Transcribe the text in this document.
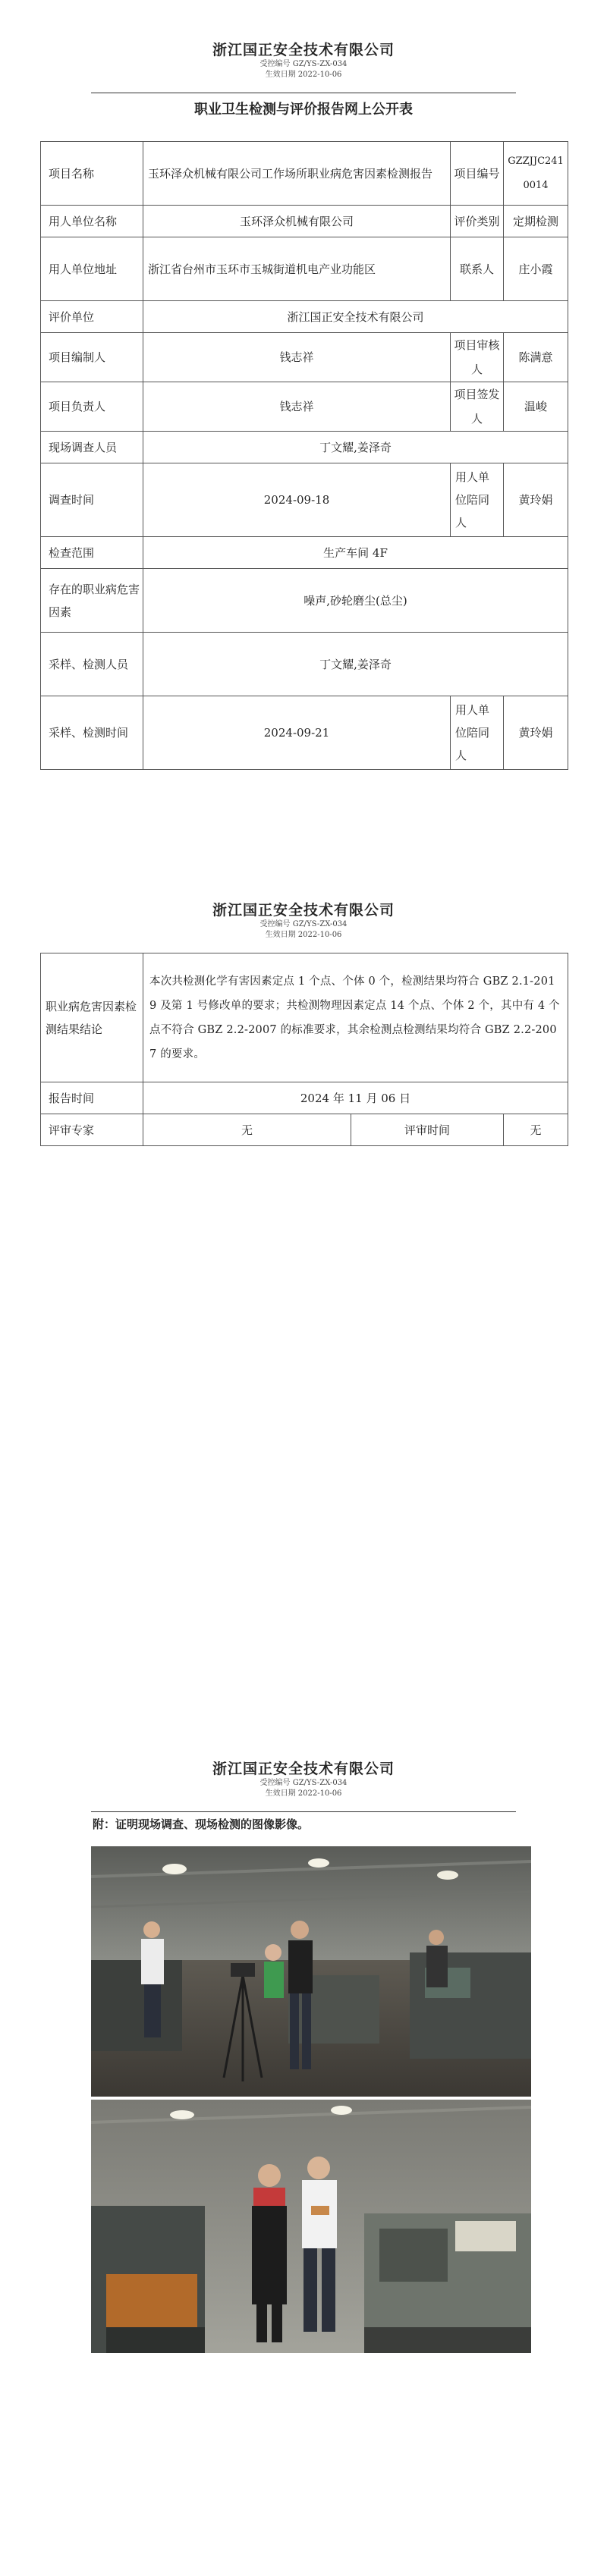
浙江国正安全技术有限公司
受控编号 GZ/YS-ZX-034
生效日期 2022-10-06
职业卫生检测与评价报告网上公开表
项目名称	玉环泽众机械有限公司工作场所职业病危害因素检测报告	项目编号	GZZJJC2410014
用人单位名称	玉环泽众机械有限公司	评价类别	定期检测
用人单位地址	浙江省台州市玉环市玉城街道机电产业功能区	联系人	庄小霞
评价单位	浙江国正安全技术有限公司		
项目编制人	钱志祥	项目审核人	陈满意
项目负责人	钱志祥	项目签发人	温峻
现场调查人员	丁文耀,姜泽奇		
调查时间	2024-09-18	用人单位陪同人	黄玲娟
检查范围	生产车间 4F		
存在的职业病危害因素	噪声,砂轮磨尘(总尘)		
采样、检测人员	丁文耀,姜泽奇		
采样、检测时间	2024-09-21	用人单位陪同人	黄玲娟
浙江国正安全技术有限公司
受控编号 GZ/YS-ZX-034
生效日期 2022-10-06
职业病危害因素检测结果结论	本次共检测化学有害因素定点 1 个点、个体 0 个，检测结果均符合 GBZ 2.1-2019 及第 1 号修改单的要求；共检测物理因素定点 14 个点、个体 2 个，其中有 4 个点不符合 GBZ 2.2-2007 的标准要求，其余检测点检测结果均符合 GBZ 2.2-2007 的要求。		
报告时间	2024 年 11 月 06 日		
评审专家	无	评审时间	无
浙江国正安全技术有限公司
受控编号 GZ/YS-ZX-034
生效日期 2022-10-06
附：证明现场调查、现场检测的图像影像。
